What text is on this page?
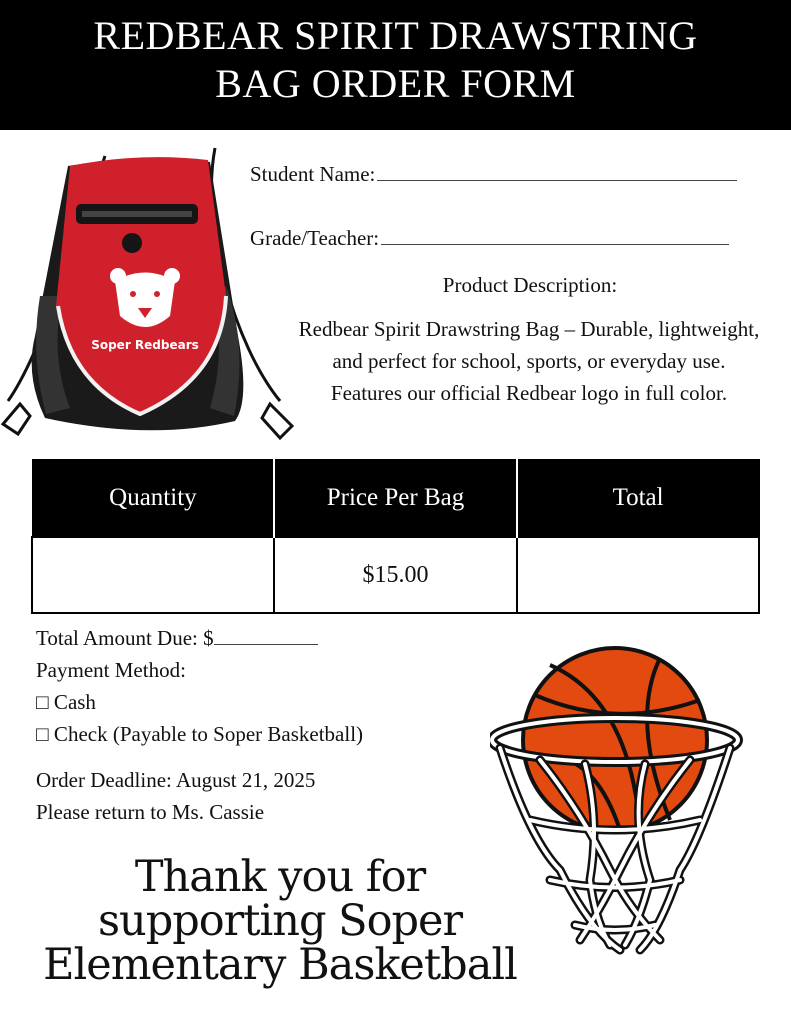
REDBEAR SPIRIT DRAWSTRING
BAG ORDER FORM
Soper Redbears
Student Name:
Grade/Teacher:
Product Description:
Redbear Spirit Drawstring Bag – Durable, lightweight, and perfect for school, sports, or everyday use. Features our official Redbear logo in full color.
Quantity	Price Per Bag	Total
	$15.00	
Total Amount Due: $
Payment Method:
□ Cash
□ Check (Payable to Soper Basketball)
Order Deadline: August 21, 2025
Please return to Ms. Cassie
Thank you for
supporting Soper
Elementary Basketball
